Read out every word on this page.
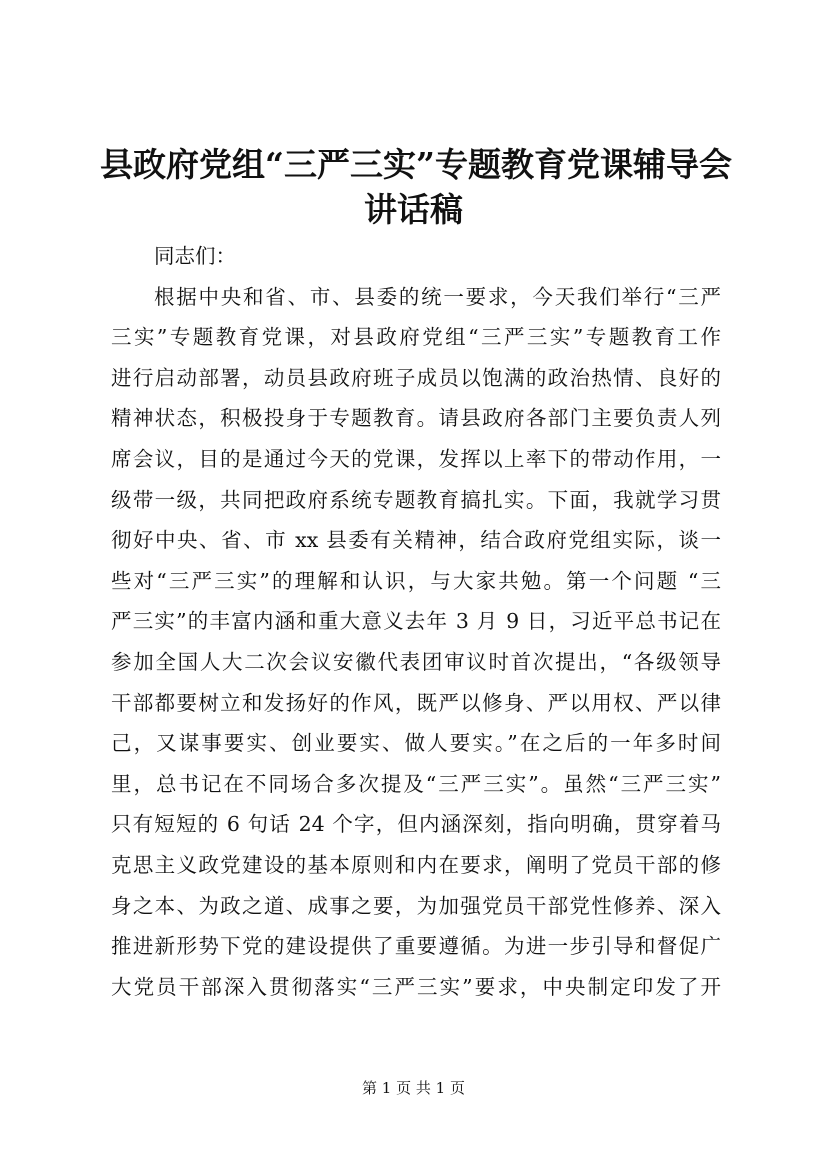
县政府党组“三严三实”专题教育党课辅导会
讲话稿
同志们：
根据中央和省、市、县委的统一要求，今天我们举行“三严
三实”专题教育党课，对县政府党组“三严三实”专题教育工作
进行启动部署，动员县政府班子成员以饱满的政治热情、良好的
精神状态，积极投身于专题教育。请县政府各部门主要负责人列
席会议，目的是通过今天的党课，发挥以上率下的带动作用，一
级带一级，共同把政府系统专题教育搞扎实。下面，我就学习贯
彻好中央、省、市 xx 县委有关精神，结合政府党组实际，谈一
些对“三严三实”的理解和认识，与大家共勉。第一个问题 “三
严三实”的丰富内涵和重大意义去年 3 月 9 日，习近平总书记在
参加全国人大二次会议安徽代表团审议时首次提出，“各级领导
干部都要树立和发扬好的作风，既严以修身、严以用权、严以律
己，又谋事要实、创业要实、做人要实。”在之后的一年多时间
里，总书记在不同场合多次提及“三严三实”。虽然“三严三实”
只有短短的 6 句话 24 个字，但内涵深刻，指向明确，贯穿着马
克思主义政党建设的基本原则和内在要求，阐明了党员干部的修
身之本、为政之道、成事之要，为加强党员干部党性修养、深入
推进新形势下党的建设提供了重要遵循。为进一步引导和督促广
大党员干部深入贯彻落实“三严三实”要求，中央制定印发了开
第 1 页 共 1 页
